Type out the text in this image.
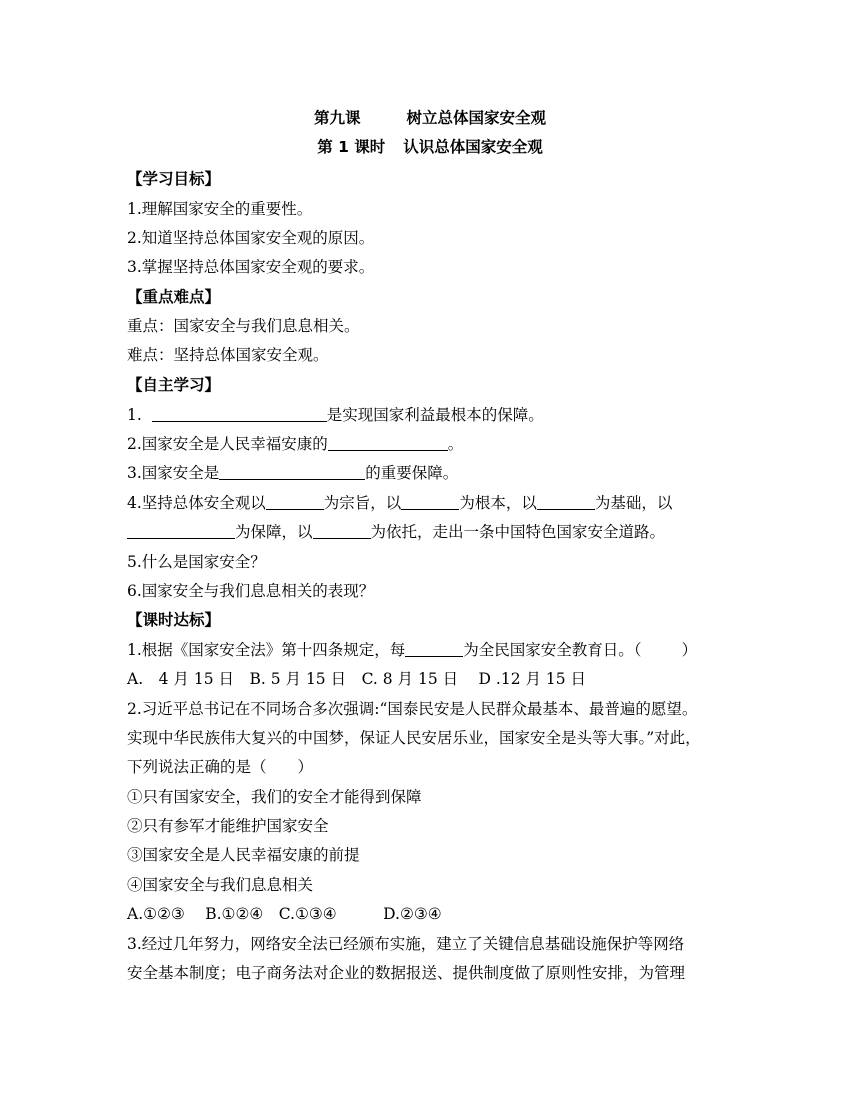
第九课	树立总体国家安全观
第 1 课时 认识总体国家安全观
【学习目标】
1.理解国家安全的重要性。
2.知道坚持总体国家安全观的原因。
3.掌握坚持总体国家安全观的要求。
【重点难点】
重点：国家安全与我们息息相关。
难点：坚持总体国家安全观。
【自主学习】
1.	是实现国家利益最根本的保障。
2.国家安全是人民幸福安康的	。
3.国家安全是	的重要保障。
4.坚持总体安全观以	为宗旨，以	为根本，以	为基础，以
为保障，以	为依托，走出一条中国特色国家安全道路。
5.什么是国家安全？
6.国家安全与我们息息相关的表现？
【课时达标】
1.根据《国家安全法》第十四条规定，每	为全民国家安全教育日。（	）
A.　4 月 15 日　B. 5 月 15 日　C. 8 月 15 日　 D .12 月 15 日
2.习近平总书记在不同场合多次强调:“国泰民安是人民群众最基本、最普遍的愿望。
实现中华民族伟大复兴的中国梦，保证人民安居乐业，国家安全是头等大事。”对此，
下列说法正确的是（　　）
①只有国家安全，我们的安全才能得到保障
②只有参军才能维护国家安全
③国家安全是人民幸福安康的前提
④国家安全与我们息息相关
A.①②③　 B.①②④　C.①③④　　　D.②③④
3.经过几年努力，网络安全法已经颁布实施，建立了关键信息基础设施保护等网络
安全基本制度；电子商务法对企业的数据报送、提供制度做了原则性安排，为管理
